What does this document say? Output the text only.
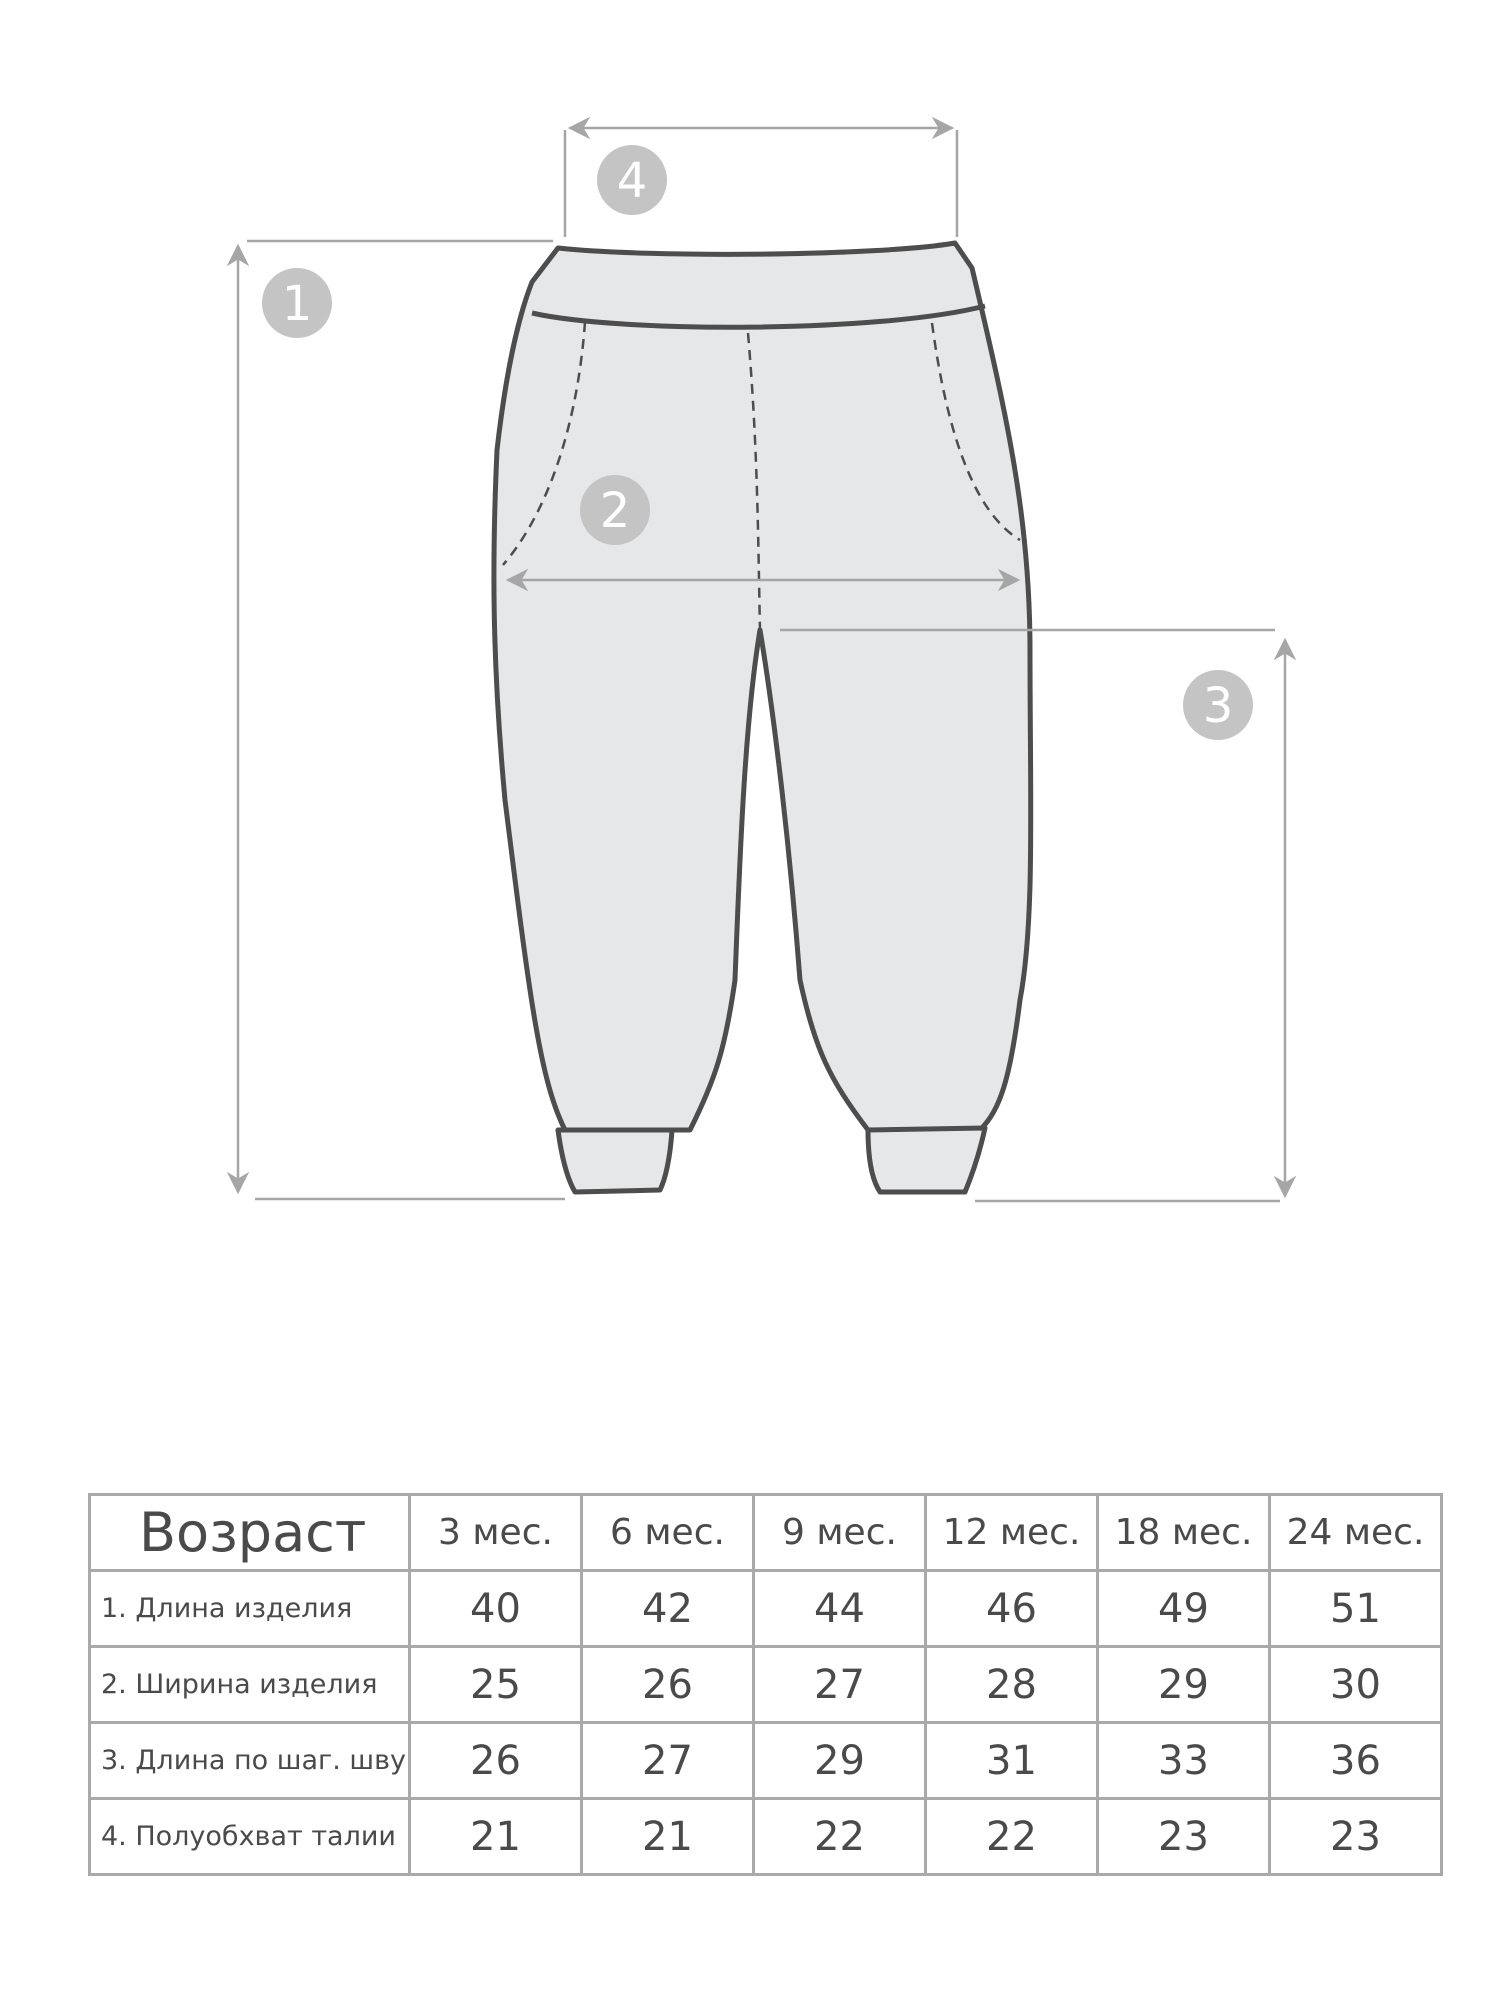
1
2
3
4
Возраст	3 мес.	6 мес.	9 мес.	12 мес.	18 мес.	24 мес.
1. Длина изделия	40	42	44	46	49	51
2. Ширина изделия	25	26	27	28	29	30
3. Длина по шаг. шву	26	27	29	31	33	36
4. Полуобхват талии	21	21	22	22	23	23
